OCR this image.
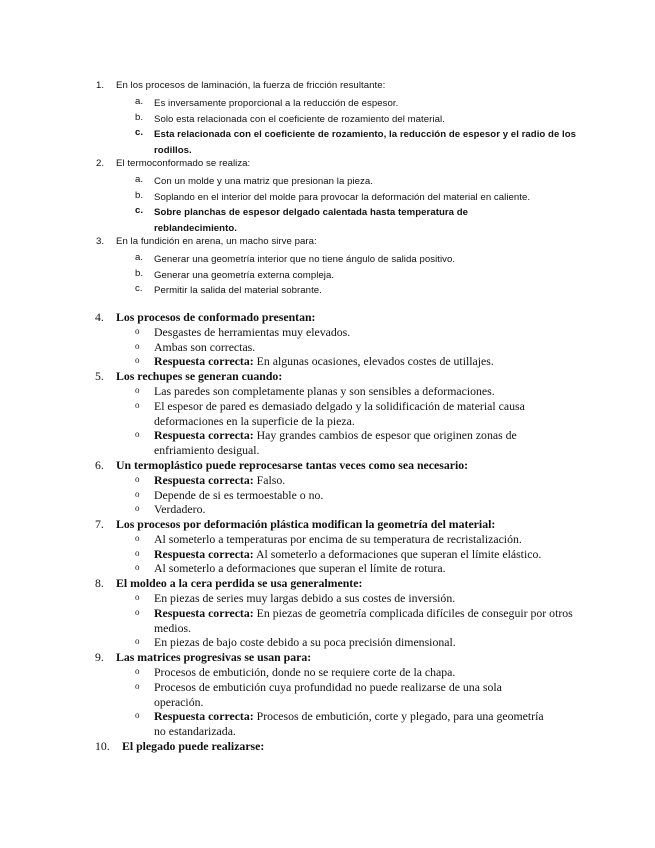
1. En los procesos de laminación, la fuerza de fricción resultante:
a. Es inversamente proporcional a la reducción de espesor.
b. Solo esta relacionada con el coeficiente de rozamiento del material.
c. Esta relacionada con el coeficiente de rozamiento, la reducción de espesor y el radio de los rodillos.
2. El termoconformado se realiza:
a. Con un molde y una matriz que presionan la pieza.
b. Soplando en el interior del molde para provocar la deformación del material en caliente.
c. Sobre planchas de espesor delgado calentada hasta temperatura de reblandecimiento.
3. En la fundición en arena, un macho sirve para:
a. Generar una geometría interior que no tiene ángulo de salida positivo.
b. Generar una geometría externa compleja.
c. Permitir la salida del material sobrante.
4. Los procesos de conformado presentan:
o Desgastes de herramientas muy elevados.
o Ambas son correctas.
o Respuesta correcta: En algunas ocasiones, elevados costes de utillajes.
5. Los rechupes se generan cuando:
o Las paredes son completamente planas y son sensibles a deformaciones.
o El espesor de pared es demasiado delgado y la solidificación de material causa deformaciones en la superficie de la pieza.
o Respuesta correcta: Hay grandes cambios de espesor que originen zonas de enfriamiento desigual.
6. Un termoplástico puede reprocesarse tantas veces como sea necesario:
o Respuesta correcta: Falso.
o Depende de si es termoestable o no.
o Verdadero.
7. Los procesos por deformación plástica modifican la geometría del material:
o Al someterlo a temperaturas por encima de su temperatura de recristalización.
o Respuesta correcta: Al someterlo a deformaciones que superan el límite elástico.
o Al someterlo a deformaciones que superan el límite de rotura.
8. El moldeo a la cera perdida se usa generalmente:
o En piezas de series muy largas debido a sus costes de inversión.
o Respuesta correcta: En piezas de geometría complicada difíciles de conseguir por otros medios.
o En piezas de bajo coste debido a su poca precisión dimensional.
9. Las matrices progresivas se usan para:
o Procesos de embutición, donde no se requiere corte de la chapa.
o Procesos de embutición cuya profundidad no puede realizarse de una sola operación.
o Respuesta correcta: Procesos de embutición, corte y plegado, para una geometría no estandarizada.
10. El plegado puede realizarse:
